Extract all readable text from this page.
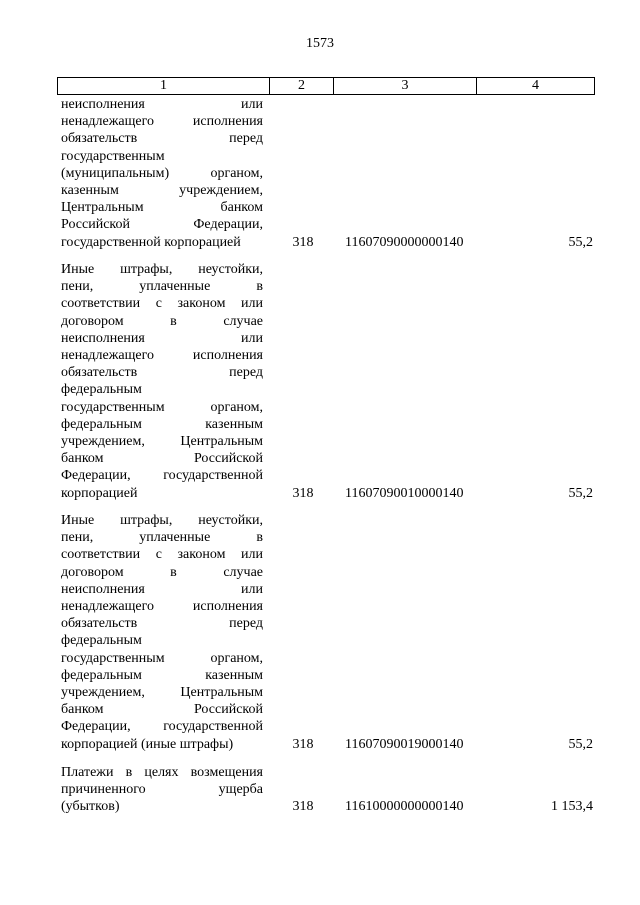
1573
1	2	3	4
неисполнения или
ненадлежащего исполнения
обязательств перед
государственным
(муниципальным) органом,
казенным учреждением,
Центральным банком
Российской Федерации,
государственной корпорацией	318	11607090000000140	55,2
Иные штрафы, неустойки,
пени, уплаченные в
соответствии с законом или
договором в случае
неисполнения или
ненадлежащего исполнения
обязательств перед
федеральным
государственным органом,
федеральным казенным
учреждением, Центральным
банком Российской
Федерации, государственной
корпорацией	318	11607090010000140	55,2
Иные штрафы, неустойки,
пени, уплаченные в
соответствии с законом или
договором в случае
неисполнения или
ненадлежащего исполнения
обязательств перед
федеральным
государственным органом,
федеральным казенным
учреждением, Центральным
банком Российской
Федерации, государственной
корпорацией (иные штрафы)	318	11607090019000140	55,2
Платежи в целях возмещения
причиненного ущерба
(убытков)	318	11610000000000140	1 153,4
